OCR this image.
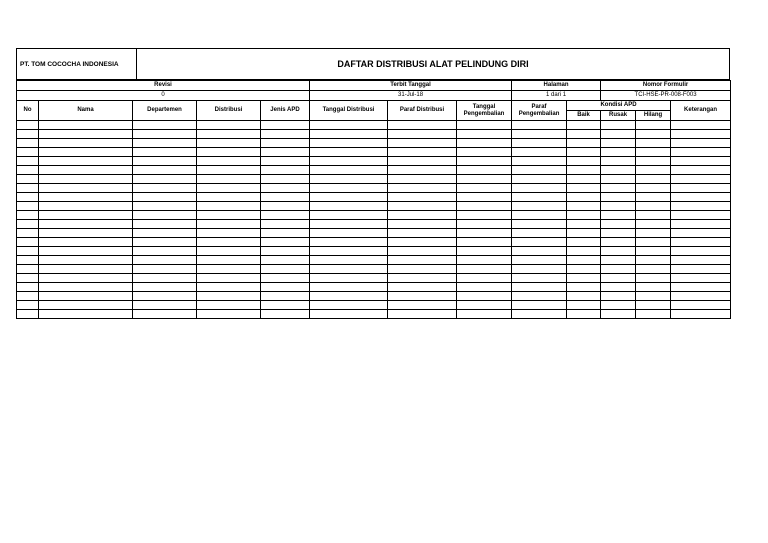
PT. TOM COCOCHA INDONESIA	DAFTAR DISTRIBUSI ALAT PELINDUNG DIRI
Revisi					Terbit Tanggal			Halaman		Nomor Formulir		
0					31-Jul-18			1 dari 1		TCI-HSE-PR-008-F003		
No	Nama	Departemen	Distribusi	Jenis APD	Tanggal Distribusi	Paraf Distribusi	Tanggal Pengembalian	Paraf Pengembalian	Kondisi APD			Keterangan
									Baik	Rusak	Hilang	
